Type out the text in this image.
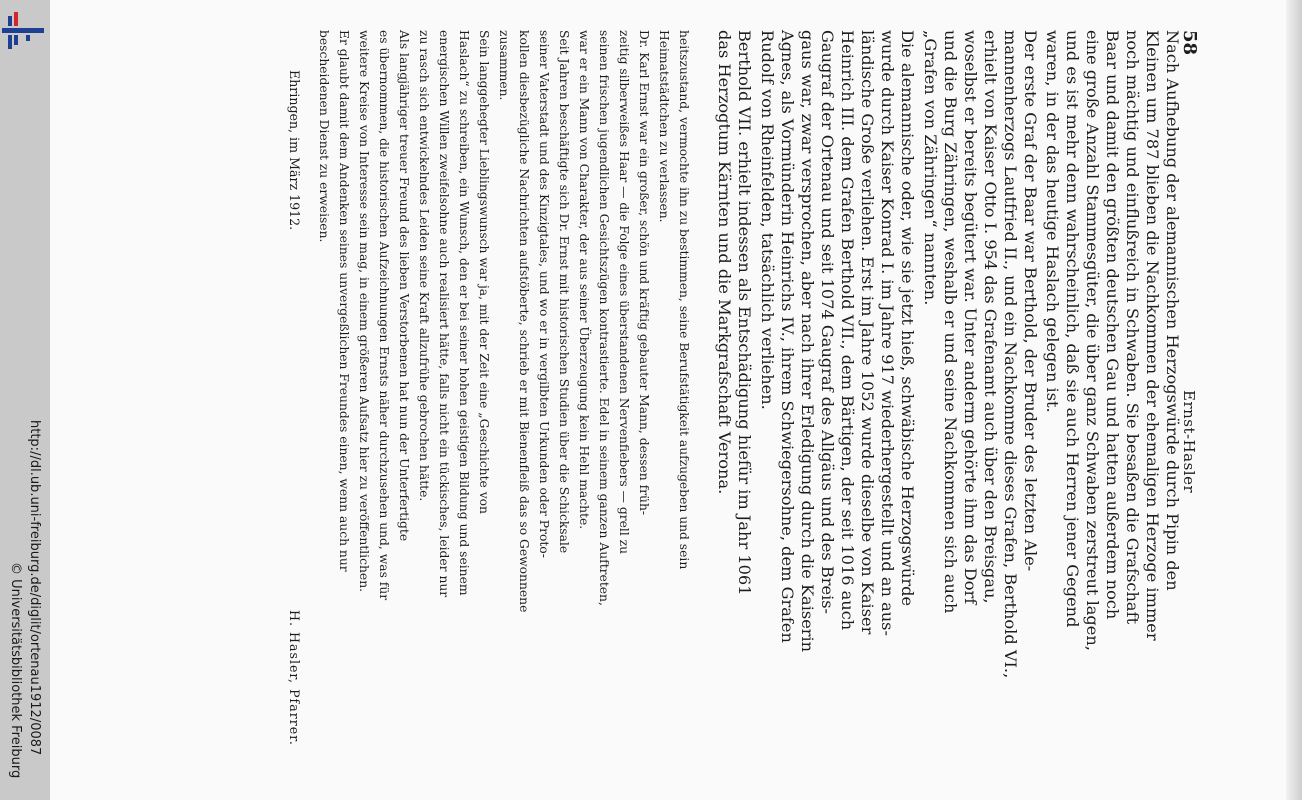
http://dl.ub.uni-freiburg.de/diglit/ortenau1912/0087
© Universitätsbibliothek Freiburg
58
Ernst-Hasler
Nach Aufhebung der alemannischen Herzogswürde durch Pipin den
Kleinen um 787 blieben die Nachkommen der ehemaligen Herzoge immer
noch mächtig und einflußreich in Schwaben. Sie besaßen die Grafschaft
Baar und damit den größten deutschen Gau und hatten außerdem noch
eine große Anzahl Stammesgüter, die über ganz Schwaben zerstreut lagen,
und es ist mehr denn wahrscheinlich, daß sie auch Herren jener Gegend
waren, in der das heutige Haslach gelegen ist.
Der erste Graf der Baar war Berthold, der Bruder des letzten Ale-
mannenherzogs Lautfried II., und ein Nachkomme dieses Grafen, Berthold VI.,
erhielt von Kaiser Otto I. 954 das Grafenamt auch über den Breisgau,
woselbst er bereits begütert war. Unter anderm gehörte ihm das Dorf
und die Burg Zähringen, weshalb er und seine Nachkommen sich auch
„Grafen von Zähringen“ nannten.
Die alemannische oder, wie sie jetzt hieß, schwäbische Herzogswürde
wurde durch Kaiser Konrad I. im Jahre 917 wiederhergestellt und an aus-
ländische Große verliehen. Erst im Jahre 1052 wurde dieselbe von Kaiser
Heinrich III. dem Grafen Berthold VII., dem Bärtigen, der seit 1016 auch
Gaugraf der Ortenau und seit 1074 Gaugraf des Allgäus und des Breis-
gaus war, zwar versprochen, aber nach ihrer Erledigung durch die Kaiserin
Agnes, als Vormünderin Heinrichs IV., ihrem Schwiegersohne, dem Grafen
Rudolf von Rheinfelden, tatsächlich verliehen.
Berthold VII. erhielt indessen als Entschädigung hiefür im Jahr 1061
das Herzogtum Kärnten und die Markgrafschaft Verona.
heitszustand, vermochte ihn zu bestimmen, seine Berufstätigkeit aufzugeben und sein
Heimatstädtchen zu verlassen.
Dr. Karl Ernst war ein großer, schön und kräftig gebauter Mann, dessen früh-
zeitig silberweißes Haar — die Folge eines überstandenen Nervenfiebers — grell zu
seinen frischen jugendlichen Gesichtszügen kontrastierte. Edel in seinem ganzen Auftreten,
war er ein Mann von Charakter, der aus seiner Überzeugung kein Hehl machte.
Seit Jahren beschäftigte sich Dr. Ernst mit historischen Studien über die Schicksale
seiner Vaterstadt und des Kinzigtales, und wo er in vergilbten Urkunden oder Proto-
kollen diesbezügliche Nachrichten aufstöberte, schrieb er mit Bienenfleiß das so Gewonnene
zusammen.
Sein langgehegter Lieblingswunsch war ja, mit der Zeit eine „Geschichte von
Haslach“ zu schreiben, ein Wunsch, den er bei seiner hohen geistigen Bildung und seinem
energischen Willen zweifelsohne auch realisiert hätte, falls nicht ein tückisches, leider nur
zu rasch sich entwickelndes Leiden seine Kraft allzufrühe gebrochen hätte.
Als langjähriger treuer Freund des lieben Verstorbenen hat nun der Unterfertigte
es übernommen, die historischen Aufzeichnungen Ernsts näher durchzusehen und, was für
weitere Kreise von Interesse sein mag, in einem größeren Aufsatz hier zu veröffentlichen.
Er glaubt damit dem Andenken seines unvergeßlichen Freundes einen, wenn auch nur
bescheidenen Dienst zu erweisen.
Ehringen, im März 1912.
H. Hasler, Pfarrer.
